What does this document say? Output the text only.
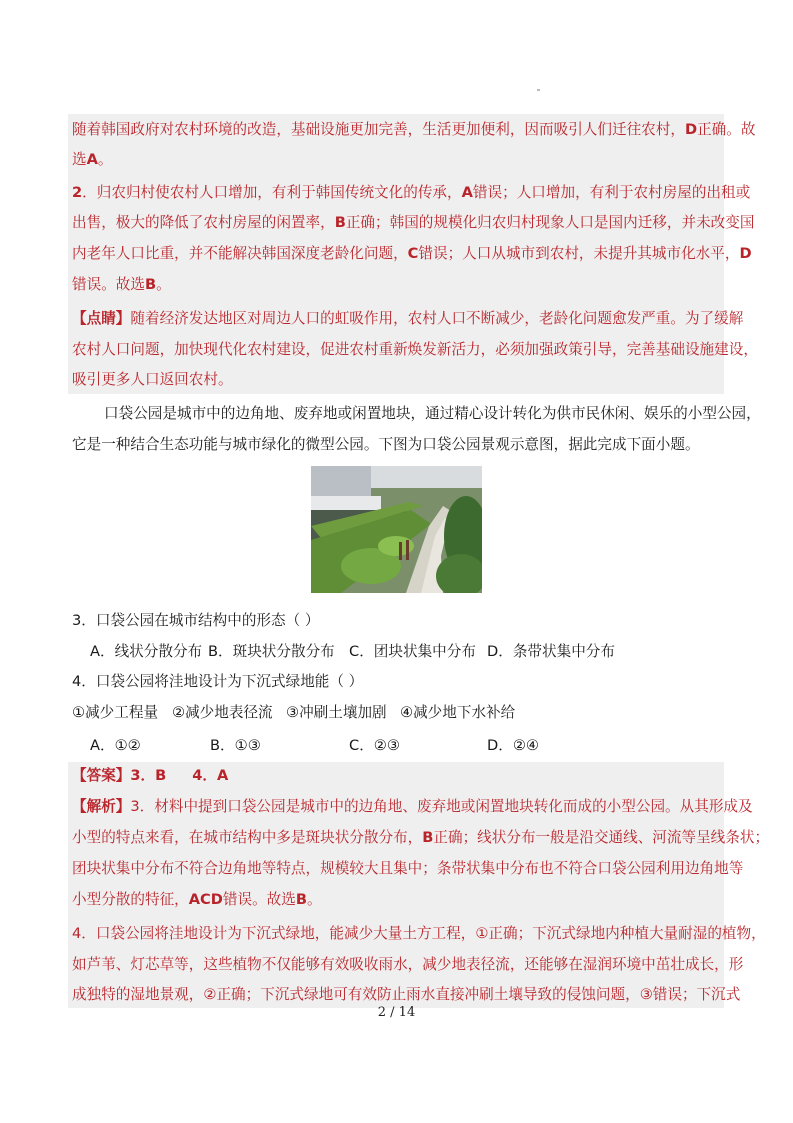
随着韩国政府对农村环境的改造，基础设施更加完善，生活更加便利，因而吸引人们迁往农村，D正确。故
选A。
2．归农归村使农村人口增加，有利于韩国传统文化的传承，A错误；人口增加，有利于农村房屋的出租或
出售，极大的降低了农村房屋的闲置率，B正确；韩国的规模化归农归村现象人口是国内迁移，并未改变国
内老年人口比重，并不能解决韩国深度老龄化问题，C错误；人口从城市到农村，未提升其城市化水平，D
错误。故选B。
【点睛】随着经济发达地区对周边人口的虹吸作用，农村人口不断减少，老龄化问题愈发严重。为了缓解
农村人口问题，加快现代化农村建设，促进农村重新焕发新活力，必须加强政策引导，完善基础设施建设，
吸引更多人口返回农村。
口袋公园是城市中的边角地、废弃地或闲置地块，通过精心设计转化为供市民休闲、娱乐的小型公园，
它是一种结合生态功能与城市绿化的微型公园。下图为口袋公园景观示意图，据此完成下面小题。
3．口袋公园在城市结构中的形态（ ）
A．线状分散分布 B．斑块状分散分布 C．团块状集中分布 D．条带状集中分布
4．口袋公园将洼地设计为下沉式绿地能（ ）
①减少工程量 ②减少地表径流 ③冲刷土壤加剧 ④减少地下水补给
A．①②	B．①③	C．②③	D．②④
【答案】3．B 4．A
【解析】3．材料中提到口袋公园是城市中的边角地、废弃地或闲置地块转化而成的小型公园。从其形成及
小型的特点来看，在城市结构中多是斑块状分散分布，B正确；线状分布一般是沿交通线、河流等呈线条状；
团块状集中分布不符合边角地等特点，规模较大且集中；条带状集中分布也不符合口袋公园利用边角地等
小型分散的特征，ACD错误。故选B。
4．口袋公园将洼地设计为下沉式绿地，能减少大量土方工程，①正确；下沉式绿地内种植大量耐湿的植物，
如芦苇、灯芯草等，这些植物不仅能够有效吸收雨水，减少地表径流，还能够在湿润环境中茁壮成长，形
成独特的湿地景观，②正确；下沉式绿地可有效防止雨水直接冲刷土壤导致的侵蚀问题，③错误；下沉式
2 / 14
